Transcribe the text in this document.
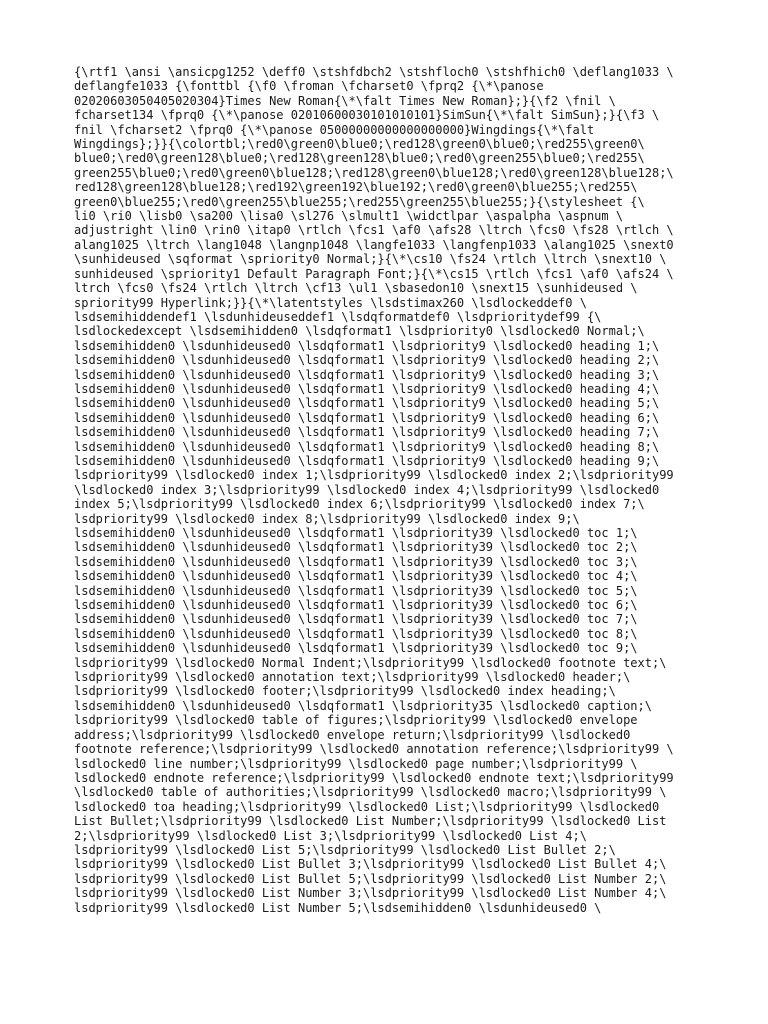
{\rtf1 \ansi \ansicpg1252 \deff0 \stshfdbch2 \stshfloch0 \stshfhich0 \deflang1033 \
deflangfe1033 {\fonttbl {\f0 \froman \fcharset0 \fprq2 {\*\panose
02020603050405020304}Times New Roman{\*\falt Times New Roman};}{\f2 \fnil \
fcharset134 \fprq0 {\*\panose 02010600030101010101}SimSun{\*\falt SimSun};}{\f3 \
fnil \fcharset2 \fprq0 {\*\panose 05000000000000000000}Wingdings{\*\falt
Wingdings};}}{\colortbl;\red0\green0\blue0;\red128\green0\blue0;\red255\green0\
blue0;\red0\green128\blue0;\red128\green128\blue0;\red0\green255\blue0;\red255\
green255\blue0;\red0\green0\blue128;\red128\green0\blue128;\red0\green128\blue128;\
red128\green128\blue128;\red192\green192\blue192;\red0\green0\blue255;\red255\
green0\blue255;\red0\green255\blue255;\red255\green255\blue255;}{\stylesheet {\
li0 \ri0 \lisb0 \sa200 \lisa0 \sl276 \slmult1 \widctlpar \aspalpha \aspnum \
adjustright \lin0 \rin0 \itap0 \rtlch \fcs1 \af0 \afs28 \ltrch \fcs0 \fs28 \rtlch \
alang1025 \ltrch \lang1048 \langnp1048 \langfe1033 \langfenp1033 \alang1025 \snext0
\sunhideused \sqformat \spriority0 Normal;}{\*\cs10 \fs24 \rtlch \ltrch \snext10 \
sunhideused \spriority1 Default Paragraph Font;}{\*\cs15 \rtlch \fcs1 \af0 \afs24 \
ltrch \fcs0 \fs24 \rtlch \ltrch \cf13 \ul1 \sbasedon10 \snext15 \sunhideused \
spriority99 Hyperlink;}}{\*\latentstyles \lsdstimax260 \lsdlockeddef0 \
lsdsemihiddendef1 \lsdunhideuseddef1 \lsdqformatdef0 \lsdprioritydef99 {\
lsdlockedexcept \lsdsemihidden0 \lsdqformat1 \lsdpriority0 \lsdlocked0 Normal;\
lsdsemihidden0 \lsdunhideused0 \lsdqformat1 \lsdpriority9 \lsdlocked0 heading 1;\
lsdsemihidden0 \lsdunhideused0 \lsdqformat1 \lsdpriority9 \lsdlocked0 heading 2;\
lsdsemihidden0 \lsdunhideused0 \lsdqformat1 \lsdpriority9 \lsdlocked0 heading 3;\
lsdsemihidden0 \lsdunhideused0 \lsdqformat1 \lsdpriority9 \lsdlocked0 heading 4;\
lsdsemihidden0 \lsdunhideused0 \lsdqformat1 \lsdpriority9 \lsdlocked0 heading 5;\
lsdsemihidden0 \lsdunhideused0 \lsdqformat1 \lsdpriority9 \lsdlocked0 heading 6;\
lsdsemihidden0 \lsdunhideused0 \lsdqformat1 \lsdpriority9 \lsdlocked0 heading 7;\
lsdsemihidden0 \lsdunhideused0 \lsdqformat1 \lsdpriority9 \lsdlocked0 heading 8;\
lsdsemihidden0 \lsdunhideused0 \lsdqformat1 \lsdpriority9 \lsdlocked0 heading 9;\
lsdpriority99 \lsdlocked0 index 1;\lsdpriority99 \lsdlocked0 index 2;\lsdpriority99
\lsdlocked0 index 3;\lsdpriority99 \lsdlocked0 index 4;\lsdpriority99 \lsdlocked0
index 5;\lsdpriority99 \lsdlocked0 index 6;\lsdpriority99 \lsdlocked0 index 7;\
lsdpriority99 \lsdlocked0 index 8;\lsdpriority99 \lsdlocked0 index 9;\
lsdsemihidden0 \lsdunhideused0 \lsdqformat1 \lsdpriority39 \lsdlocked0 toc 1;\
lsdsemihidden0 \lsdunhideused0 \lsdqformat1 \lsdpriority39 \lsdlocked0 toc 2;\
lsdsemihidden0 \lsdunhideused0 \lsdqformat1 \lsdpriority39 \lsdlocked0 toc 3;\
lsdsemihidden0 \lsdunhideused0 \lsdqformat1 \lsdpriority39 \lsdlocked0 toc 4;\
lsdsemihidden0 \lsdunhideused0 \lsdqformat1 \lsdpriority39 \lsdlocked0 toc 5;\
lsdsemihidden0 \lsdunhideused0 \lsdqformat1 \lsdpriority39 \lsdlocked0 toc 6;\
lsdsemihidden0 \lsdunhideused0 \lsdqformat1 \lsdpriority39 \lsdlocked0 toc 7;\
lsdsemihidden0 \lsdunhideused0 \lsdqformat1 \lsdpriority39 \lsdlocked0 toc 8;\
lsdsemihidden0 \lsdunhideused0 \lsdqformat1 \lsdpriority39 \lsdlocked0 toc 9;\
lsdpriority99 \lsdlocked0 Normal Indent;\lsdpriority99 \lsdlocked0 footnote text;\
lsdpriority99 \lsdlocked0 annotation text;\lsdpriority99 \lsdlocked0 header;\
lsdpriority99 \lsdlocked0 footer;\lsdpriority99 \lsdlocked0 index heading;\
lsdsemihidden0 \lsdunhideused0 \lsdqformat1 \lsdpriority35 \lsdlocked0 caption;\
lsdpriority99 \lsdlocked0 table of figures;\lsdpriority99 \lsdlocked0 envelope
address;\lsdpriority99 \lsdlocked0 envelope return;\lsdpriority99 \lsdlocked0
footnote reference;\lsdpriority99 \lsdlocked0 annotation reference;\lsdpriority99 \
lsdlocked0 line number;\lsdpriority99 \lsdlocked0 page number;\lsdpriority99 \
lsdlocked0 endnote reference;\lsdpriority99 \lsdlocked0 endnote text;\lsdpriority99
\lsdlocked0 table of authorities;\lsdpriority99 \lsdlocked0 macro;\lsdpriority99 \
lsdlocked0 toa heading;\lsdpriority99 \lsdlocked0 List;\lsdpriority99 \lsdlocked0
List Bullet;\lsdpriority99 \lsdlocked0 List Number;\lsdpriority99 \lsdlocked0 List
2;\lsdpriority99 \lsdlocked0 List 3;\lsdpriority99 \lsdlocked0 List 4;\
lsdpriority99 \lsdlocked0 List 5;\lsdpriority99 \lsdlocked0 List Bullet 2;\
lsdpriority99 \lsdlocked0 List Bullet 3;\lsdpriority99 \lsdlocked0 List Bullet 4;\
lsdpriority99 \lsdlocked0 List Bullet 5;\lsdpriority99 \lsdlocked0 List Number 2;\
lsdpriority99 \lsdlocked0 List Number 3;\lsdpriority99 \lsdlocked0 List Number 4;\
lsdpriority99 \lsdlocked0 List Number 5;\lsdsemihidden0 \lsdunhideused0 \
